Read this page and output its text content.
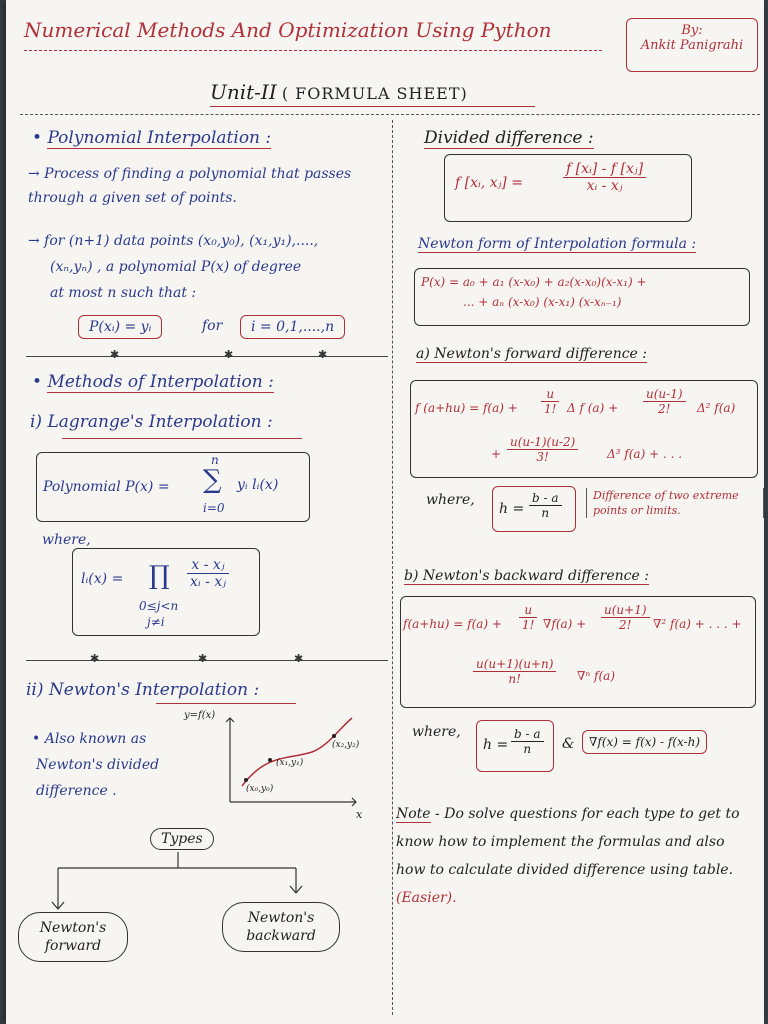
Numerical Methods And Optimization Using Python	By:
Ankit Panigrahi
Unit-II ( FORMULA SHEET)
• Polynomial Interpolation :
→ Process of finding a polynomial that passes through a given set of points.
→ for (n+1) data points (x₀,y₀), (x₁,y₁),....,
(xₙ,yₙ) , a polynomial P(x) of degree
at most n such that :
P(xᵢ) = yᵢ	for	i = 0,1,....,n
✱	✱	✱
• Methods of Interpolation :
i) Lagrange's Interpolation :
Polynomial P(x) =
n
∑
i=0
yᵢ lᵢ(x)
where,
lᵢ(x) = ∏ $\frac{\text{x - xⱼ}}{\text{xᵢ - xⱼ}}$
0≤j<n
j≠i
✱	✱	✱
ii) Newton's Interpolation :
• Also known as
Newton's divided
difference .
y=f(x)
x
(x₀,y₀)
(x₁,y₁)
(x₂,y₂)
Types
Newton's forward
Newton's backward
Divided difference :
f [xᵢ, xⱼ] =	$\frac{\text{f [xᵢ] - f [xⱼ]}}{\text{xᵢ - xⱼ}}$
Newton form of Interpolation formula :
P(x) = a₀ + a₁ (x-x₀) + a₂(x-x₀)(x-x₁) +
... + aₙ (x-x₀) (x-x₁) (x-xₙ₋₁)
a) Newton's forward difference :
f $(a+hu) = f(a) + \frac{u}{1!}$ Δ f $(a) + \frac{u(u-1)}{2!} \Delta^2$ f(a)
+ $\frac{u(u-1)(u-2)}{3!} \Delta^3$ f(a) + . . .
where,
$h = \frac{b - a}{n}$	Difference of two extreme points or limits.
b) Newton's backward difference :
$f(a+hu) = f(a) + \frac{u}{1!} \nabla f(a) + \frac{u(u+1)}{2!} \nabla^2$ f(a) + . . . +
$\frac{u(u+1)(u+n)}{n!} \nabla^n$ f(a)
where,
$h = \frac{b - a}{n}$ &	∇f(x) = f(x) - f(x-h)
Note - Do solve questions for each type to get to know how to implement the formulas and also how to calculate divided difference using table. (Easier).
